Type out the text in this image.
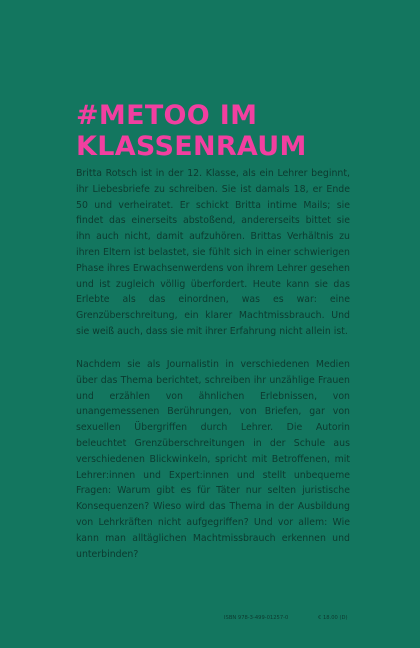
#METOO IM
KLASSENRAUM

Britta Rotsch ist in der 12. Klasse, als ein Lehrer beginnt, ihr Liebesbriefe zu schreiben. Sie ist damals 18, er Ende 50 und verheiratet. Er schickt Britta intime Mails; sie findet das einerseits abstoßend, andererseits bittet sie ihn auch nicht, damit aufzuhören. Brittas Verhältnis zu ihren Eltern ist belastet, sie fühlt sich in einer schwierigen Phase ihres Erwachsenwerdens von ihrem Lehrer gesehen und ist zugleich völlig überfordert. Heute kann sie das Erlebte als das einordnen, was es war: eine Grenzüberschreitung, ein klarer Machtmissbrauch. Und sie weiß auch, dass sie mit ihrer Erfahrung nicht allein ist.

Nachdem sie als Journalistin in verschiedenen Medien über das Thema berichtet, schreiben ihr unzählige Frauen und erzählen von ähnlichen Erlebnissen, von unangemessenen Berührungen, von Briefen, gar von sexuellen Übergriffen durch Lehrer. Die Autorin beleuchtet Grenzüberschreitungen in der Schule aus verschiedenen Blickwinkeln, spricht mit Betroffenen, mit Lehrer:innen und Expert:innen und stellt unbequeme Fragen: Warum gibt es für Täter nur selten juristische Konsequenzen? Wieso wird das Thema in der Ausbildung von Lehrkräften nicht aufgegriffen? Und vor allem: Wie kann man alltäglichen Machtmissbrauch erkennen und unterbinden?

ISBN 978-3-499-01257-0	€ 18.00 (D)
